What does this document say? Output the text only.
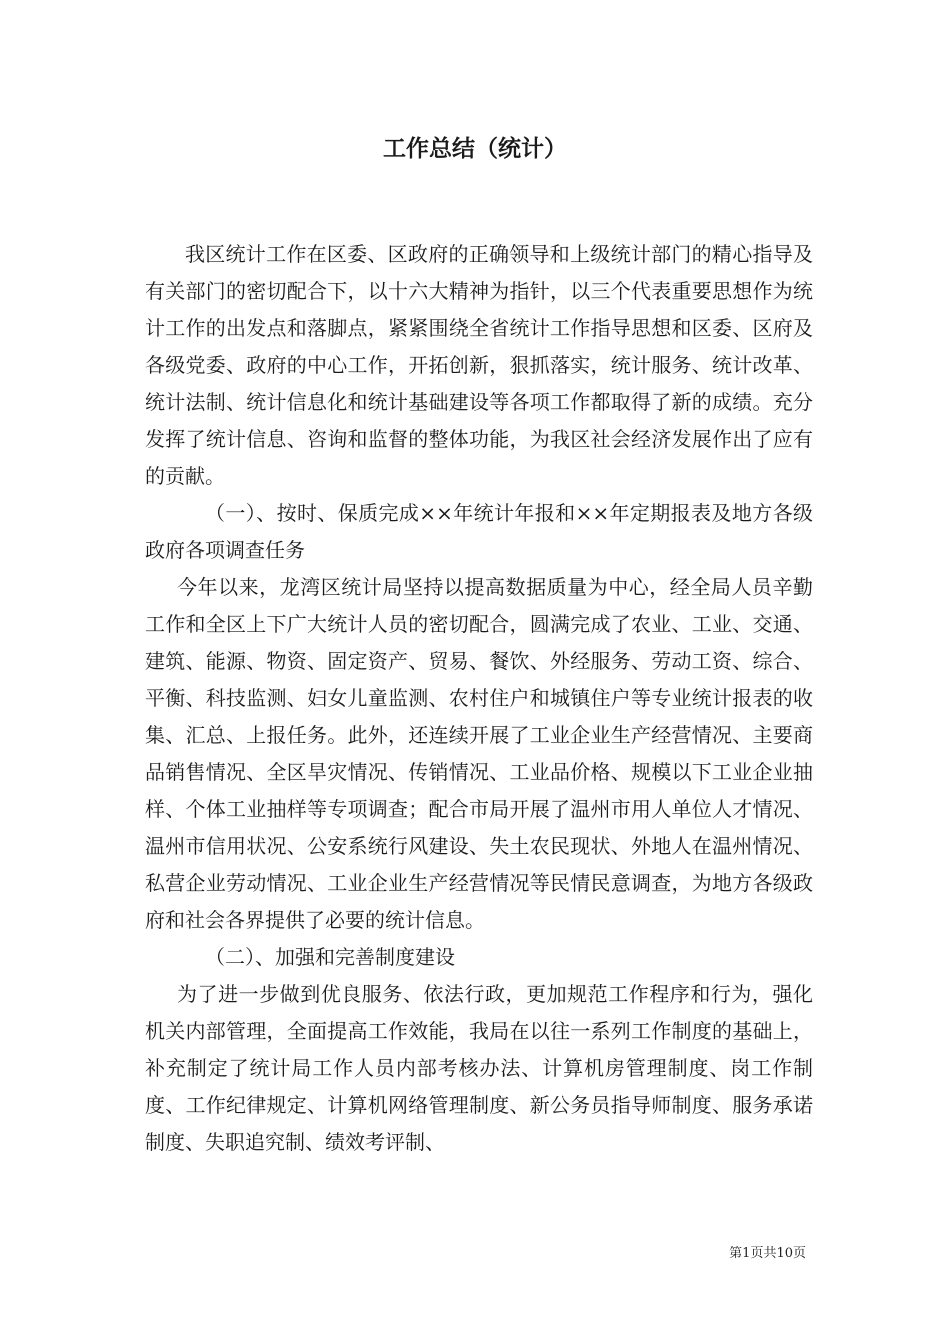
工作总结（统计）

我区统计工作在区委、区政府的正确领导和上级统计部门的精心指导及有关部门的密切配合下，以十六大精神为指针，以三个代表重要思想作为统计工作的出发点和落脚点，紧紧围绕全省统计工作指导思想和区委、区府及各级党委、政府的中心工作，开拓创新，狠抓落实，统计服务、统计改革、统计法制、统计信息化和统计基础建设等各项工作都取得了新的成绩。充分发挥了统计信息、咨询和监督的整体功能，为我区社会经济发展作出了应有的贡献。

（一）、按时、保质完成××年统计年报和××年定期报表及地方各级政府各项调查任务

今年以来，龙湾区统计局坚持以提高数据质量为中心，经全局人员辛勤工作和全区上下广大统计人员的密切配合，圆满完成了农业、工业、交通、建筑、能源、物资、固定资产、贸易、餐饮、外经服务、劳动工资、综合、平衡、科技监测、妇女儿童监测、农村住户和城镇住户等专业统计报表的收集、汇总、上报任务。此外，还连续开展了工业企业生产经营情况、主要商品销售情况、全区旱灾情况、传销情况、工业品价格、规模以下工业企业抽样、个体工业抽样等专项调查；配合市局开展了温州市用人单位人才情况、温州市信用状况、公安系统行风建设、失土农民现状、外地人在温州情况、私营企业劳动情况、工业企业生产经营情况等民情民意调查，为地方各级政府和社会各界提供了必要的统计信息。

（二）、加强和完善制度建设

为了进一步做到优良服务、依法行政，更加规范工作程序和行为，强化机关内部管理，全面提高工作效能，我局在以往一系列工作制度的基础上，补充制定了统计局工作人员内部考核办法、计算机房管理制度、岗工作制度、工作纪律规定、计算机网络管理制度、新公务员指导师制度、服务承诺制度、失职追究制、绩效考评制、

第1页共10页
